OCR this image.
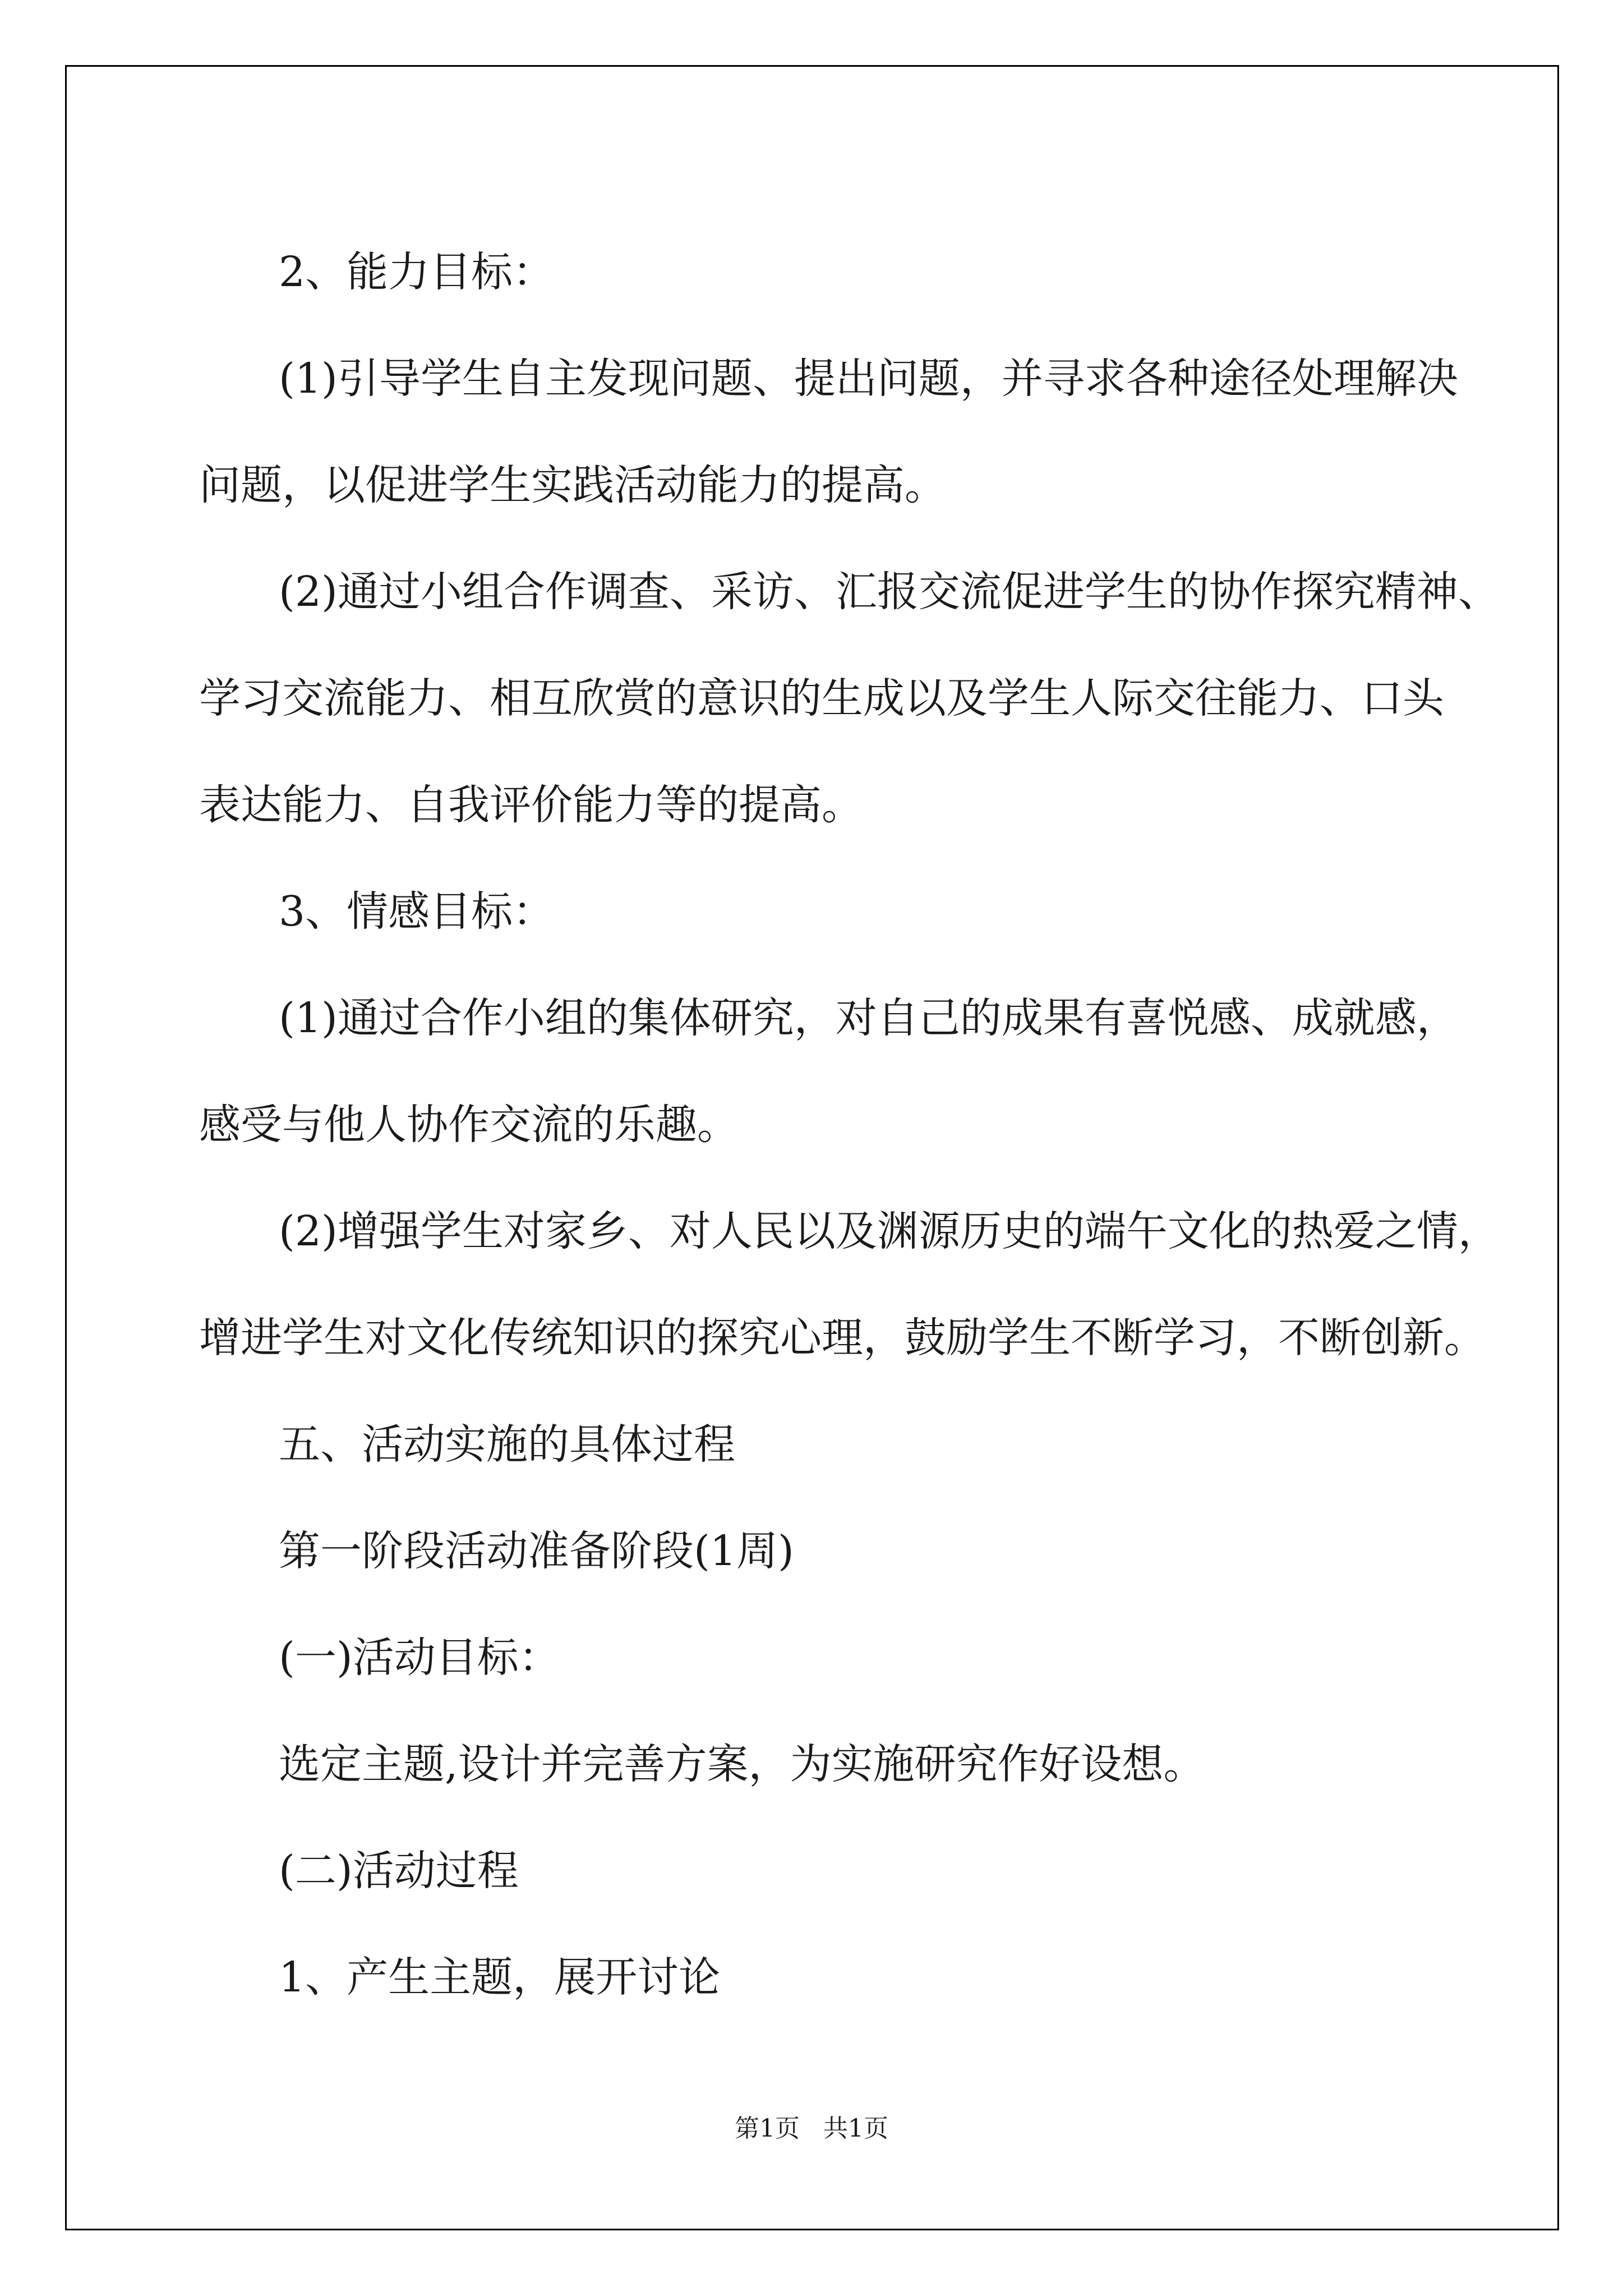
2、能力目标：

(1)引导学生自主发现问题、提出问题，并寻求各种途径处理解决
问题，以促进学生实践活动能力的提高。

(2)通过小组合作调查、采访、汇报交流促进学生的协作探究精神、
学习交流能力、相互欣赏的意识的生成以及学生人际交往能力、口头
表达能力、自我评价能力等的提高。

3、情感目标：

(1)通过合作小组的集体研究，对自己的成果有喜悦感、成就感，
感受与他人协作交流的乐趣。

(2)增强学生对家乡、对人民以及渊源历史的端午文化的热爱之情，
增进学生对文化传统知识的探究心理，鼓励学生不断学习，不断创新。

五、活动实施的具体过程

第一阶段活动准备阶段(1周)

(一)活动目标：

选定主题,设计并完善方案，为实施研究作好设想。

(二)活动过程

1、产生主题，展开讨论

第1页   共1页
